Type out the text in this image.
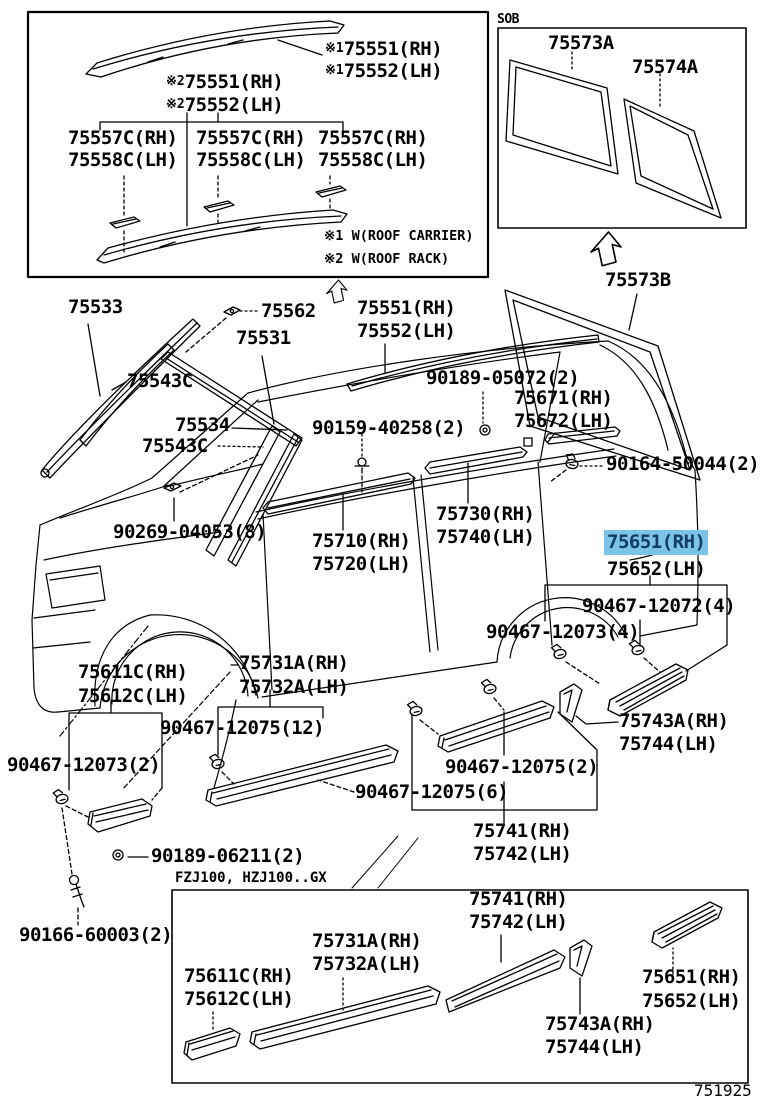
※175551(RH)
※175552(LH)
※275551(RH)
※275552(LH)
75557C(RH)
75558C(LH)
75557C(RH)
75558C(LH)
75557C(RH)
75558C(LH)
※1 W(ROOF CARRIER)
※2 W(ROOF RACK)
SOB
75573A
75574A
75573B
75533	75562
75531
75543C
75551(RH)
75552(LH)
90189-05072(2)
75671(RH)
75672(LH)
90159-40258(2)
75534
75543C
90164-50044(2)
90269-04053(8)
75730(RH)
75740(LH)
75710(RH)
75720(LH)
75651(RH)
75652(LH)
90467-12072(4)
90467-12073(4)
75611C(RH)
75612C(LH)
75731A(RH)
75732A(LH)
90467-12075(12)
90467-12073(2)	90467-12075(2)
90467-12075(6)
75741(RH)
75742(LH)
75743A(RH)
75744(LH)
90189-06211(2)
90166-60003(2)
FZJ100, HZJ100..GX
75741(RH)
75742(LH)
75731A(RH)
75732A(LH)
75611C(RH)
75612C(LH)
75651(RH)
75652(LH)
75743A(RH)
75744(LH)
751925
